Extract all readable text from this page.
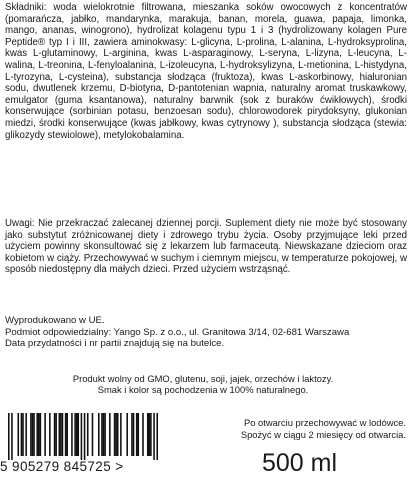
Składniki: woda wielokrotnie filtrowana, mieszanka soków owocowych z koncentratów (pomarańcza, jabłko, mandarynka, marakuja, banan, morela, guawa, papaja, limonka, mango, ananas, winogrono), hydrolizat kolagenu typu 1 i 3 (hydrolizowany kolagen Pure Peptide® typ I i III, zawiera aminokwasy: L-glicyna, L-prolina, L-alanina, L-hydroksyprolina, kwas L-glutaminowy, L-arginina, kwas L-asparaginowy, L-seryna, L-lizyna, L-leucyna, L-walina, L-treonina, L-fenyloalanina, L-izoleucyna, L-hydroksylizyna, L-metionina, L-histydyna, L-tyrozyna, L-cysteina), substancja słodząca (fruktoza), kwas L-askorbinowy, hialuronian sodu, dwutlenek krzemu, D-biotyna, D-pantotenian wapnia, naturalny aromat truskawkowy, emulgator (guma ksantanowa), naturalny barwnik (sok z buraków ćwikłowych), środki konserwujące (sorbinian potasu, benzoesan sodu), chlorowodorek pirydoksyny, glukonian miedzi, środki konserwujące (kwas jabłkowy, kwas cytrynowy ), substancja słodząca (stewia: glikozydy stewiolowe), metylokobalamina.

Uwagi: Nie przekraczać zalecanej dziennej porcji. Suplement diety nie może być stosowany jako substytut zróżnicowanej diety i zdrowego trybu życia. Osoby przyjmujące leki przed użyciem powinny skonsultować się z lekarzem lub farmaceutą. Niewskazane dzieciom oraz kobietom w ciąży. Przechowywać w suchym i ciemnym miejscu, w temperaturze pokojowej, w sposób niedostępny dla małych dzieci. Przed użyciem wstrząsnąć.

Wyprodukowano w UE.
Podmiot odpowiedzialny: Yango Sp. z o.o., ul. Granitowa 3/14, 02-681 Warszawa
Data przydatności i nr partii znajdują się na butelce.
Produkt wolny od GMO, glutenu, soji, jajek, orzechów i laktozy.
Smak i kolor są pochodzenia w 100% naturalnego.
Po otwarciu przechowywać w lodówce.
Spożyć w ciągu 2 miesięcy od otwarcia.
500 ml
5 905279 845725 >
